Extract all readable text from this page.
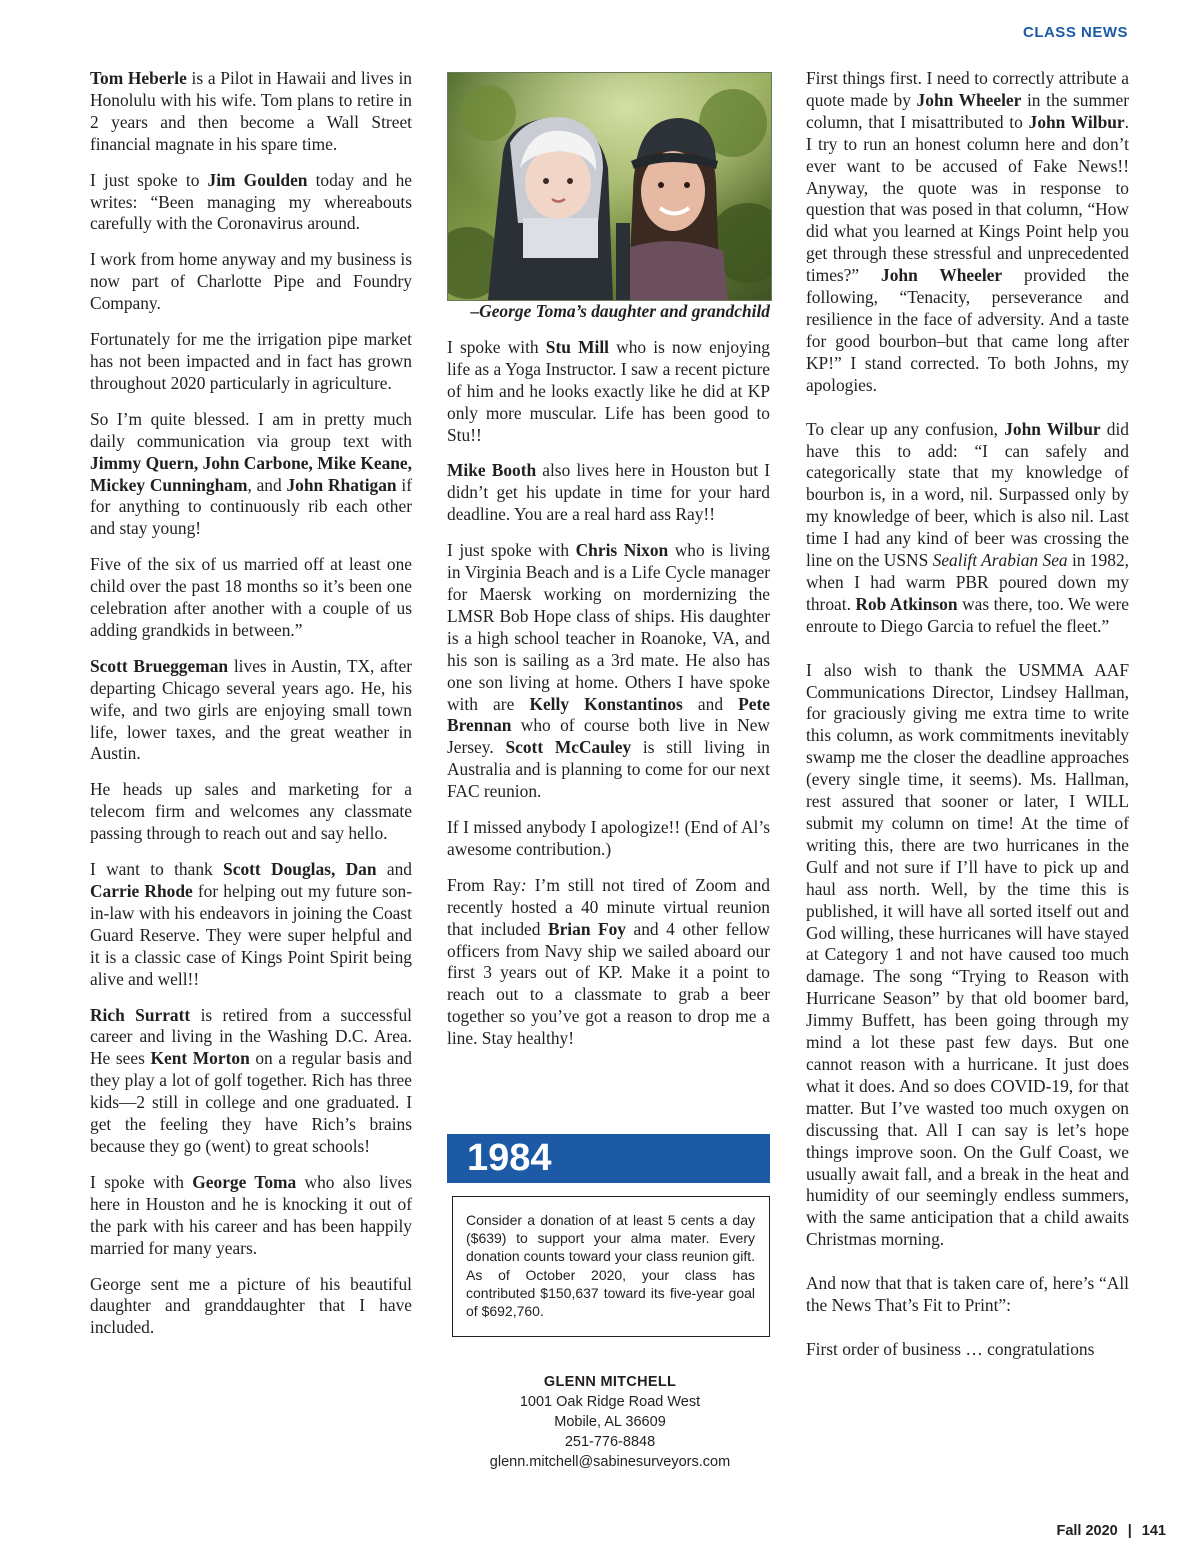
CLASS NEWS

Tom Heberle is a Pilot in Hawaii and lives in Honolulu with his wife. Tom plans to retire in 2 years and then become a Wall Street financial magnate in his spare time.

I just spoke to Jim Goulden today and he writes: “Been managing my whereabouts carefully with the Coronavirus around.

I work from home anyway and my business is now part of Charlotte Pipe and Foundry Company.

Fortunately for me the irrigation pipe market has not been impacted and in fact has grown throughout 2020 particularly in agriculture.

So I’m quite blessed. I am in pretty much daily communication via group text with Jimmy Quern, John Carbone, Mike Keane, Mickey Cunningham, and John Rhatigan if for anything to continuously rib each other and stay young!

Five of the six of us married off at least one child over the past 18 months so it’s been one celebration after another with a couple of us adding grandkids in between.”

Scott Brueggeman lives in Austin, TX, after departing Chicago several years ago. He, his wife, and two girls are enjoying small town life, lower taxes, and the great weather in Austin.

He heads up sales and marketing for a telecom firm and welcomes any classmate passing through to reach out and say hello.

I want to thank Scott Douglas, Dan and Carrie Rhode for helping out my future son-in-law with his endeavors in joining the Coast Guard Reserve. They were super helpful and it is a classic case of Kings Point Spirit being alive and well!!

Rich Surratt is retired from a successful career and living in the Washing D.C. Area. He sees Kent Morton on a regular basis and they play a lot of golf together. Rich has three kids—2 still in college and one graduated. I get the feeling they have Rich’s brains because they go (went) to great schools!

I spoke with George Toma who also lives here in Houston and he is knocking it out of the park with his career and has been happily married for many years.

George sent me a picture of his beautiful daughter and granddaughter that I have included.

–George Toma’s daughter and grandchild

I spoke with Stu Mill who is now enjoying life as a Yoga Instructor. I saw a recent picture of him and he looks exactly like he did at KP only more muscular. Life has been good to Stu!!

Mike Booth also lives here in Houston but I didn’t get his update in time for your hard deadline. You are a real hard ass Ray!!

I just spoke with Chris Nixon who is living in Virginia Beach and is a Life Cycle manager for Maersk working on mordernizing the LMSR Bob Hope class of ships. His daughter is a high school teacher in Roanoke, VA, and his son is sailing as a 3rd mate. He also has one son living at home. Others I have spoke with are Kelly Konstantinos and Pete Brennan who of course both live in New Jersey. Scott McCauley is still living in Australia and is planning to come for our next FAC reunion.

If I missed anybody I apologize!! (End of Al’s awesome contribution.)

From Ray: I’m still not tired of Zoom and recently hosted a 40 minute virtual reunion that included Brian Foy and 4 other fellow officers from Navy ship we sailed aboard our first 3 years out of KP. Make it a point to reach out to a classmate to grab a beer together so you’ve got a reason to drop me a line. Stay healthy!

1984
Consider a donation of at least 5 cents a day ($639) to support your alma mater. Every donation counts toward your class reunion gift. As of October 2020, your class has contributed $150,637 toward its five-year goal of $692,760.
GLENN MITCHELL
1001 Oak Ridge Road West
Mobile, AL 36609
251-776-8848
glenn.mitchell@sabinesurveyors.com

First things first. I need to correctly attribute a quote made by John Wheeler in the summer column, that I misattributed to John Wilbur. I try to run an honest column here and don’t ever want to be accused of Fake News!! Anyway, the quote was in response to question that was posed in that column, “How did what you learned at Kings Point help you get through these stressful and unprecedented times?” John Wheeler provided the following, “Tenacity, perseverance and resilience in the face of adversity. And a taste for good bourbon–but that came long after KP!” I stand corrected. To both Johns, my apologies.

To clear up any confusion, John Wilbur did have this to add: “I can safely and categorically state that my knowledge of bourbon is, in a word, nil. Surpassed only by my knowledge of beer, which is also nil. Last time I had any kind of beer was crossing the line on the USNS Sealift Arabian Sea in 1982, when I had warm PBR poured down my throat. Rob Atkinson was there, too. We were enroute to Diego Garcia to refuel the fleet.”

I also wish to thank the USMMA AAF Communications Director, Lindsey Hallman, for graciously giving me extra time to write this column, as work commitments inevitably swamp me the closer the deadline approaches (every single time, it seems). Ms. Hallman, rest assured that sooner or later, I WILL submit my column on time! At the time of writing this, there are two hurricanes in the Gulf and not sure if I’ll have to pick up and haul ass north. Well, by the time this is published, it will have all sorted itself out and God willing, these hurricanes will have stayed at Category 1 and not have caused too much damage. The song “Trying to Reason with Hurricane Season” by that old boomer bard, Jimmy Buffett, has been going through my mind a lot these past few days. But one cannot reason with a hurricane. It just does what it does. And so does COVID-19, for that matter. But I’ve wasted too much oxygen on discussing that. All I can say is let’s hope things improve soon. On the Gulf Coast, we usually await fall, and a break in the heat and humidity of our seemingly endless summers, with the same anticipation that a child awaits Christmas morning.

And now that that is taken care of, here’s “All the News That’s Fit to Print”:

First order of business … congratulations

Fall 2020 | 141
